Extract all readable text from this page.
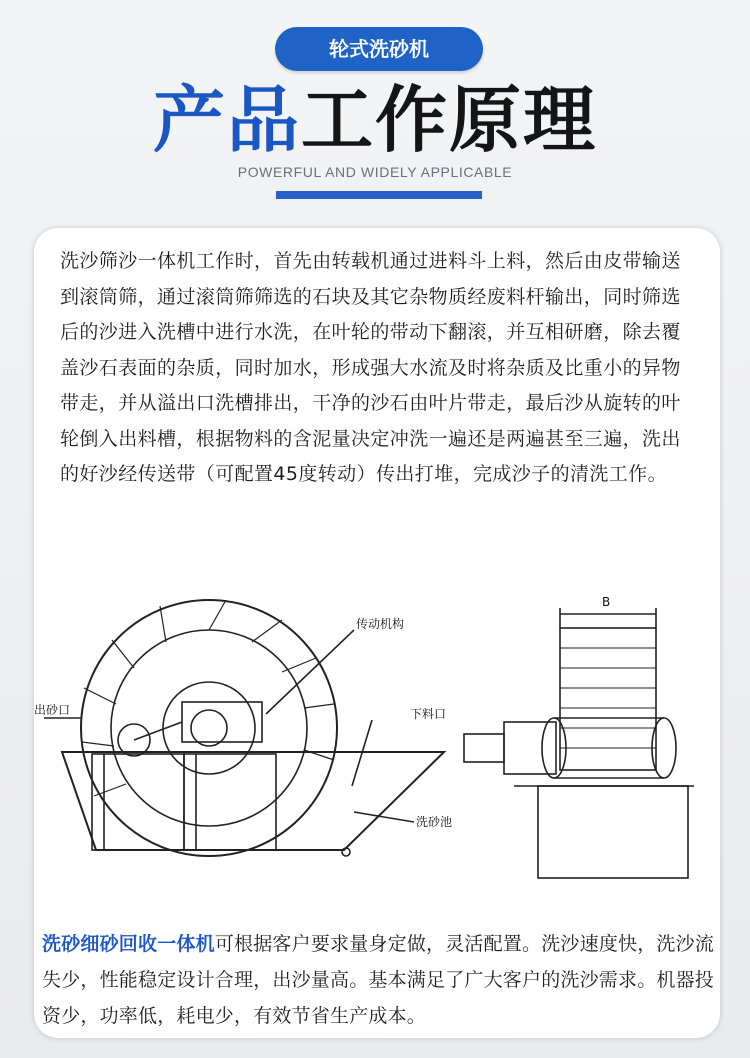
轮式洗砂机
产品工作原理
POWERFUL AND WIDELY APPLICABLE

洗沙筛沙一体机工作时，首先由转载机通过进料斗上料，然后由皮带输送到滚筒筛，通过滚筒筛筛选的石块及其它杂物质经废料杆输出，同时筛选后的沙进入洗槽中进行水洗，在叶轮的带动下翻滚，并互相研磨，除去覆盖沙石表面的杂质，同时加水，形成强大水流及时将杂质及比重小的异物带走，并从溢出口洗槽排出，干净的沙石由叶片带走，最后沙从旋转的叶轮倒入出料槽，根据物料的含泥量决定冲洗一遍还是两遍甚至三遍，洗出的好沙经传送带（可配置45度转动）传出打堆，完成沙子的清洗工作。

传动机构
出砂口	下料口
洗砂池
B

洗砂细砂回收一体机可根据客户要求量身定做，灵活配置。洗沙速度快，洗沙流失少，性能稳定设计合理，出沙量高。基本满足了广大客户的洗沙需求。机器投资少，功率低，耗电少，有效节省生产成本。
